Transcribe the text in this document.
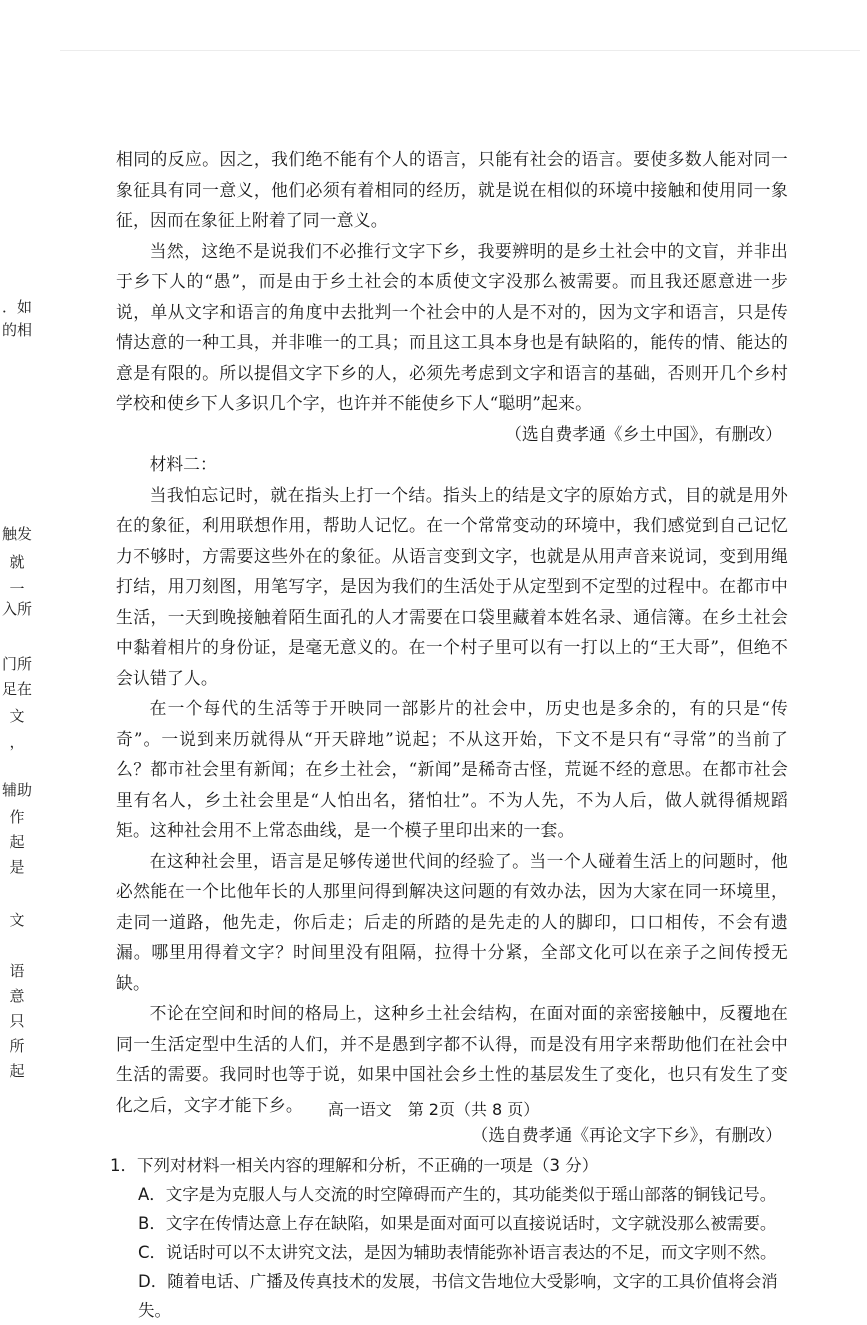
．如
的相
触发
就
一
入所
门所
足在
文
，
辅助
作
起
是
文
语
意
只
所
起

相同的反应。因之，我们绝不能有个人的语言，只能有社会的语言。要使多数人能对同一象征具有同一意义，他们必须有着相同的经历，就是说在相似的环境中接触和使用同一象征，因而在象征上附着了同一意义。

当然，这绝不是说我们不必推行文字下乡，我要辨明的是乡土社会中的文盲，并非出于乡下人的“愚”，而是由于乡土社会的本质使文字没那么被需要。而且我还愿意进一步说，单从文字和语言的角度中去批判一个社会中的人是不对的，因为文字和语言，只是传情达意的一种工具，并非唯一的工具；而且这工具本身也是有缺陷的，能传的情、能达的意是有限的。所以提倡文字下乡的人，必须先考虑到文字和语言的基础，否则开几个乡村学校和使乡下人多识几个字，也许并不能使乡下人“聪明”起来。

（选自费孝通《乡土中国》，有删改）

材料二：

当我怕忘记时，就在指头上打一个结。指头上的结是文字的原始方式，目的就是用外在的象征，利用联想作用，帮助人记忆。在一个常常变动的环境中，我们感觉到自己记忆力不够时，方需要这些外在的象征。从语言变到文字，也就是从用声音来说词，变到用绳打结，用刀刻图，用笔写字，是因为我们的生活处于从定型到不定型的过程中。在都市中生活，一天到晚接触着陌生面孔的人才需要在口袋里藏着本姓名录、通信簿。在乡土社会中黏着相片的身份证，是毫无意义的。在一个村子里可以有一打以上的“王大哥”，但绝不会认错了人。

在一个每代的生活等于开映同一部影片的社会中，历史也是多余的，有的只是“传奇”。一说到来历就得从“开天辟地”说起；不从这开始，下文不是只有“寻常”的当前了么？都市社会里有新闻；在乡土社会，“新闻”是稀奇古怪，荒诞不经的意思。在都市社会里有名人，乡土社会里是“人怕出名，猪怕壮”。不为人先，不为人后，做人就得循规蹈矩。这种社会用不上常态曲线，是一个模子里印出来的一套。

在这种社会里，语言是足够传递世代间的经验了。当一个人碰着生活上的问题时，他必然能在一个比他年长的人那里问得到解决这问题的有效办法，因为大家在同一环境里，走同一道路，他先走，你后走；后走的所踏的是先走的人的脚印，口口相传，不会有遗漏。哪里用得着文字？时间里没有阻隔，拉得十分紧，全部文化可以在亲子之间传授无缺。

不论在空间和时间的格局上，这种乡土社会结构，在面对面的亲密接触中，反覆地在同一生活定型中生活的人们，并不是愚到字都不认得，而是没有用字来帮助他们在社会中生活的需要。我同时也等于说，如果中国社会乡土性的基层发生了变化，也只有发生了变化之后，文字才能下乡。

（选自费孝通《再论文字下乡》，有删改）

1．下列对材料一相关内容的理解和分析，不正确的一项是（3 分）

A．文字是为克服人与人交流的时空障碍而产生的，其功能类似于瑶山部落的铜钱记号。

B．文字在传情达意上存在缺陷，如果是面对面可以直接说话时，文字就没那么被需要。

C．说话时可以不太讲究文法，是因为辅助表情能弥补语言表达的不足，而文字则不然。

D．随着电话、广播及传真技术的发展，书信文告地位大受影响，文字的工具价值将会消失。

高一语文　第 2页（共 8 页）
